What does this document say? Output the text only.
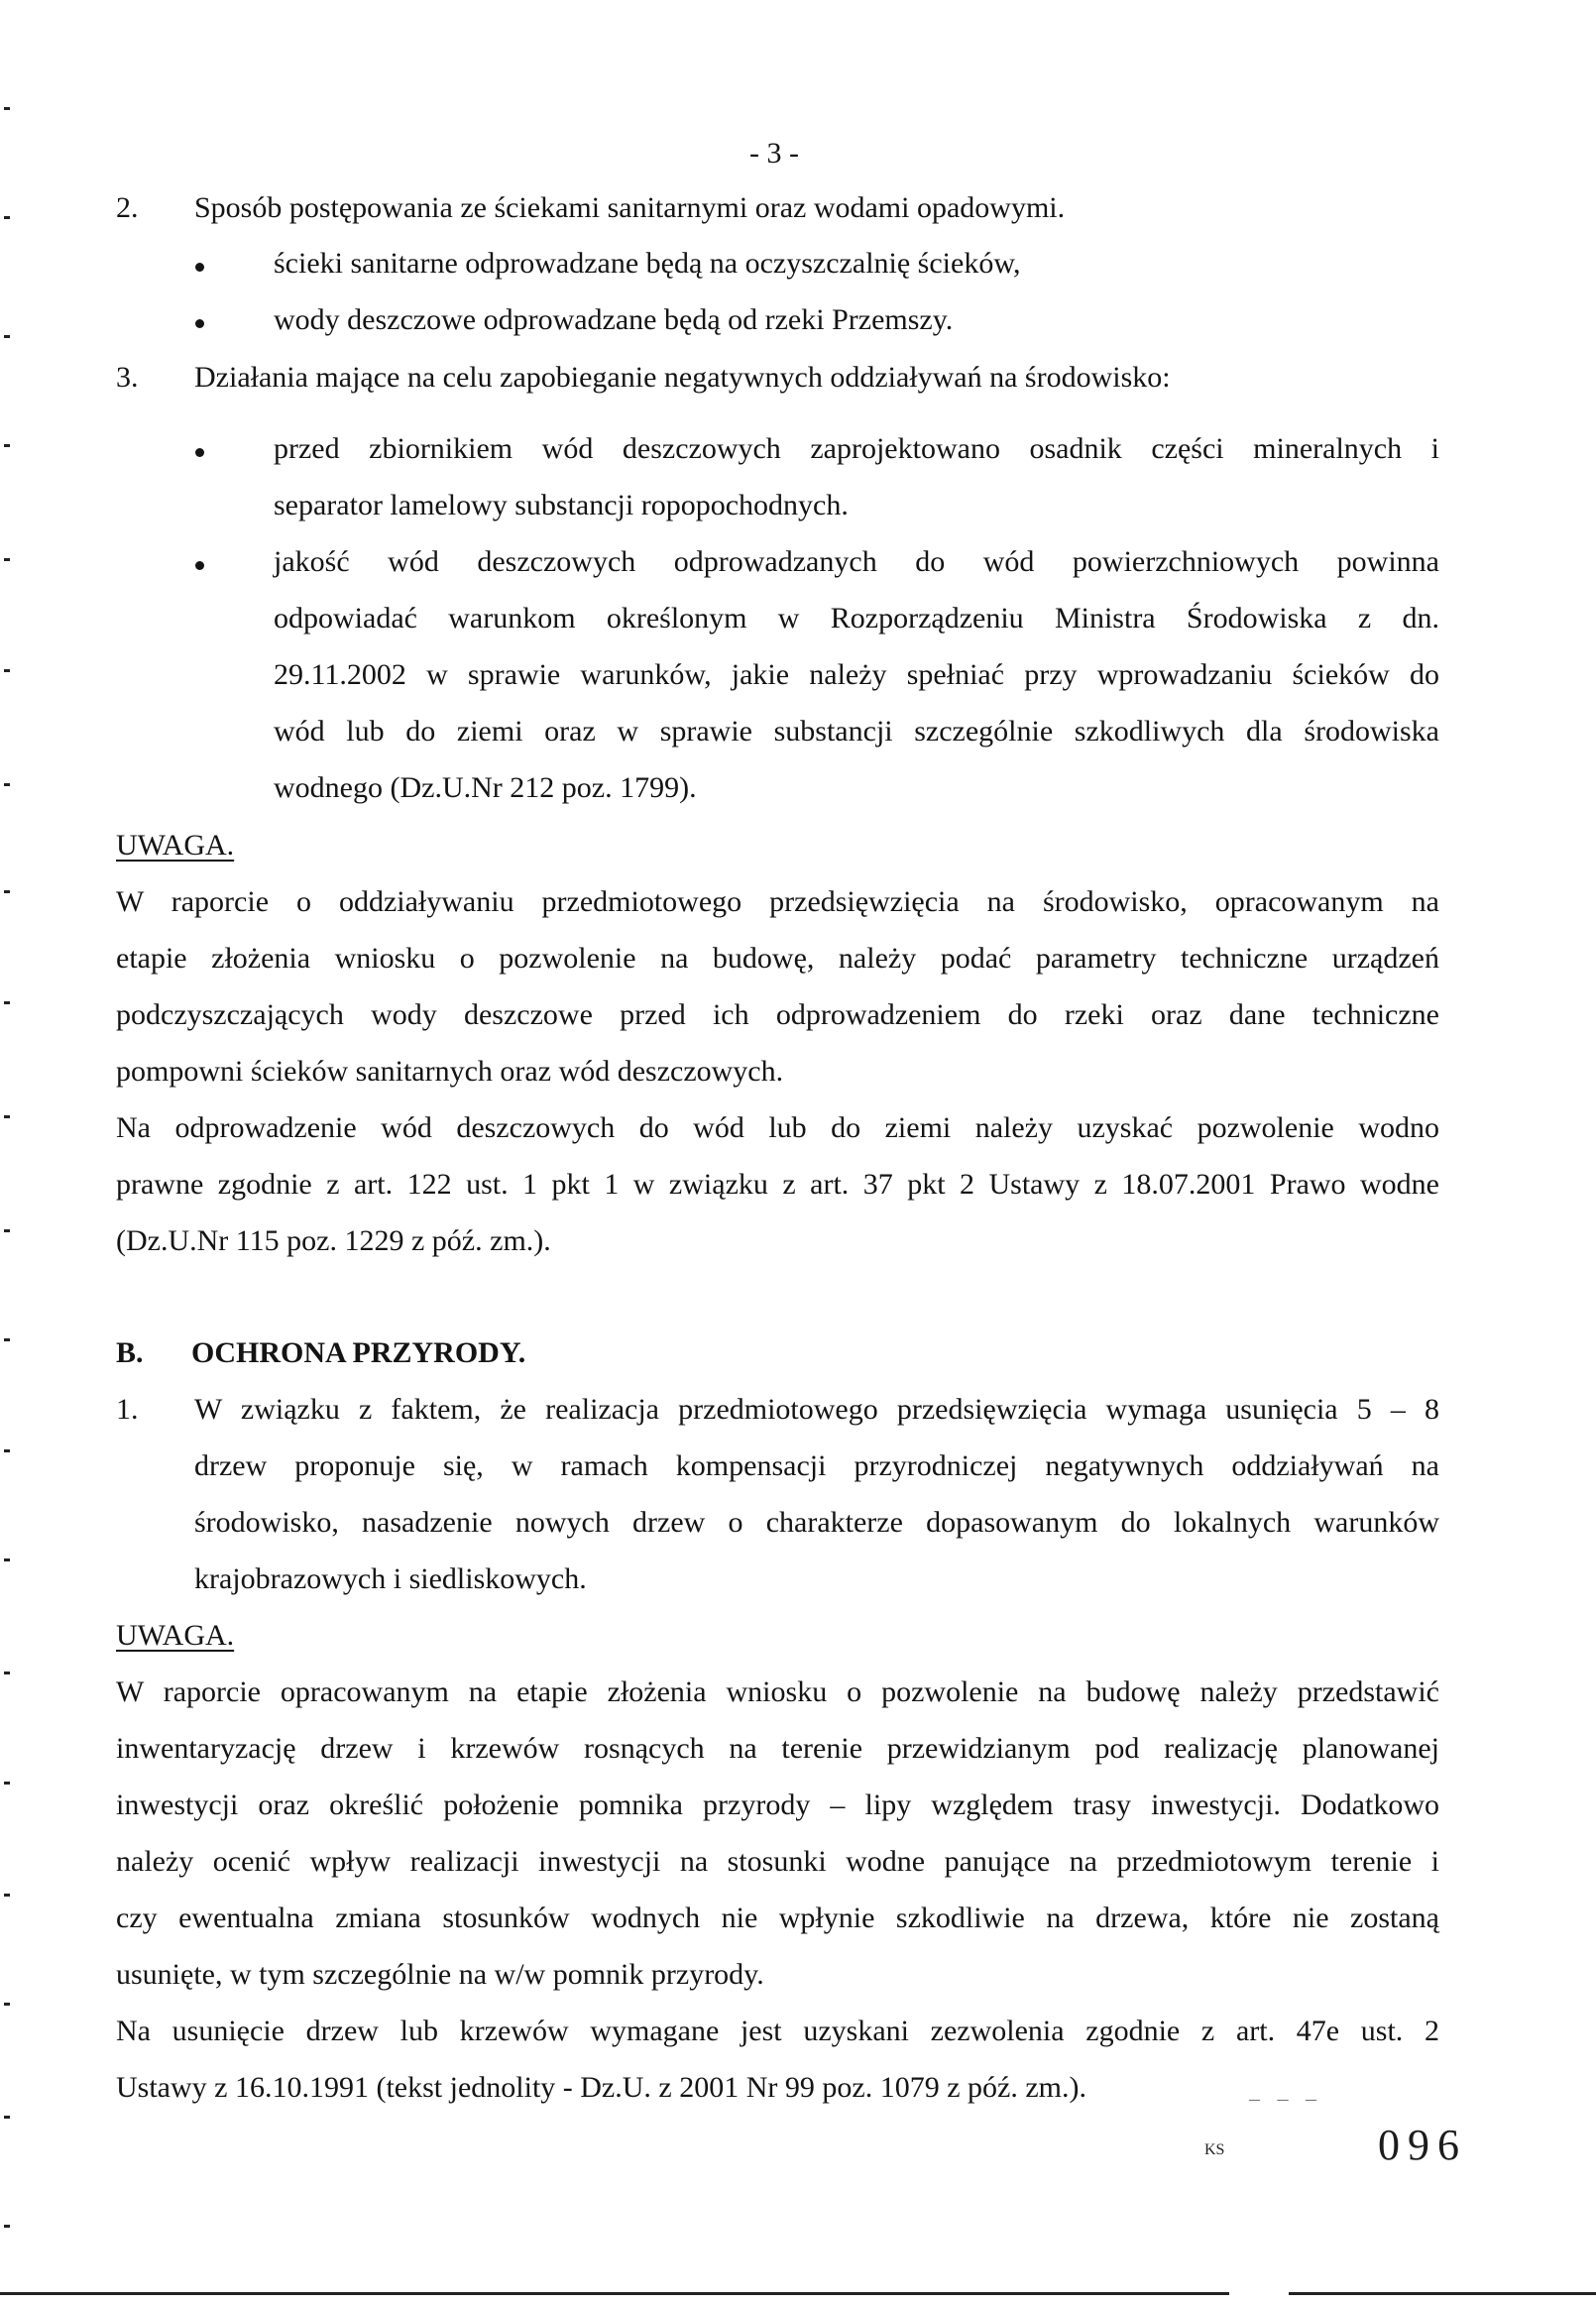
- 3 -
2. Sposób postępowania ze ściekami sanitarnymi oraz wodami opadowymi.
ścieki sanitarne odprowadzane będą na oczyszczalnię ścieków,
wody deszczowe odprowadzane będą od rzeki Przemszy.
3. Działania mające na celu zapobieganie negatywnych oddziaływań na środowisko:
przed zbiornikiem wód deszczowych zaprojektowano osadnik części mineralnych i
separator lamelowy substancji ropopochodnych.
jakość wód deszczowych odprowadzanych do wód powierzchniowych powinna
odpowiadać warunkom określonym w Rozporządzeniu Ministra Środowiska z dn.
29.11.2002 w sprawie warunków, jakie należy spełniać przy wprowadzaniu ścieków do
wód lub do ziemi oraz w sprawie substancji szczególnie szkodliwych dla środowiska
wodnego (Dz.U.Nr 212 poz. 1799).
UWAGA.
W raporcie o oddziaływaniu przedmiotowego przedsięwzięcia na środowisko, opracowanym na
etapie złożenia wniosku o pozwolenie na budowę, należy podać parametry techniczne urządzeń
podczyszczających wody deszczowe przed ich odprowadzeniem do rzeki oraz dane techniczne
pompowni ścieków sanitarnych oraz wód deszczowych.
Na odprowadzenie wód deszczowych do wód lub do ziemi należy uzyskać pozwolenie wodno
prawne zgodnie z art. 122 ust. 1 pkt 1 w związku z art. 37 pkt 2 Ustawy z 18.07.2001 Prawo wodne
(Dz.U.Nr 115 poz. 1229 z póź. zm.).
B. OCHRONA PRZYRODY.
1. W związku z faktem, że realizacja przedmiotowego przedsięwzięcia wymaga usunięcia 5 – 8
drzew proponuje się, w ramach kompensacji przyrodniczej negatywnych oddziaływań na
środowisko, nasadzenie nowych drzew o charakterze dopasowanym do lokalnych warunków
krajobrazowych i siedliskowych.
UWAGA.
W raporcie opracowanym na etapie złożenia wniosku o pozwolenie na budowę należy przedstawić
inwentaryzację drzew i krzewów rosnących na terenie przewidzianym pod realizację planowanej
inwestycji oraz określić położenie pomnika przyrody – lipy względem trasy inwestycji. Dodatkowo
należy ocenić wpływ realizacji inwestycji na stosunki wodne panujące na przedmiotowym terenie i
czy ewentualna zmiana stosunków wodnych nie wpłynie szkodliwie na drzewa, które nie zostaną
usunięte, w tym szczególnie na w/w pomnik przyrody.
Na usunięcie drzew lub krzewów wymagane jest uzyskani zezwolenia zgodnie z art. 47e ust. 2
Ustawy z 16.10.1991 (tekst jednolity - Dz.U. z 2001 Nr 99 poz. 1079 z póź. zm.).	_ _ _
KS	096
